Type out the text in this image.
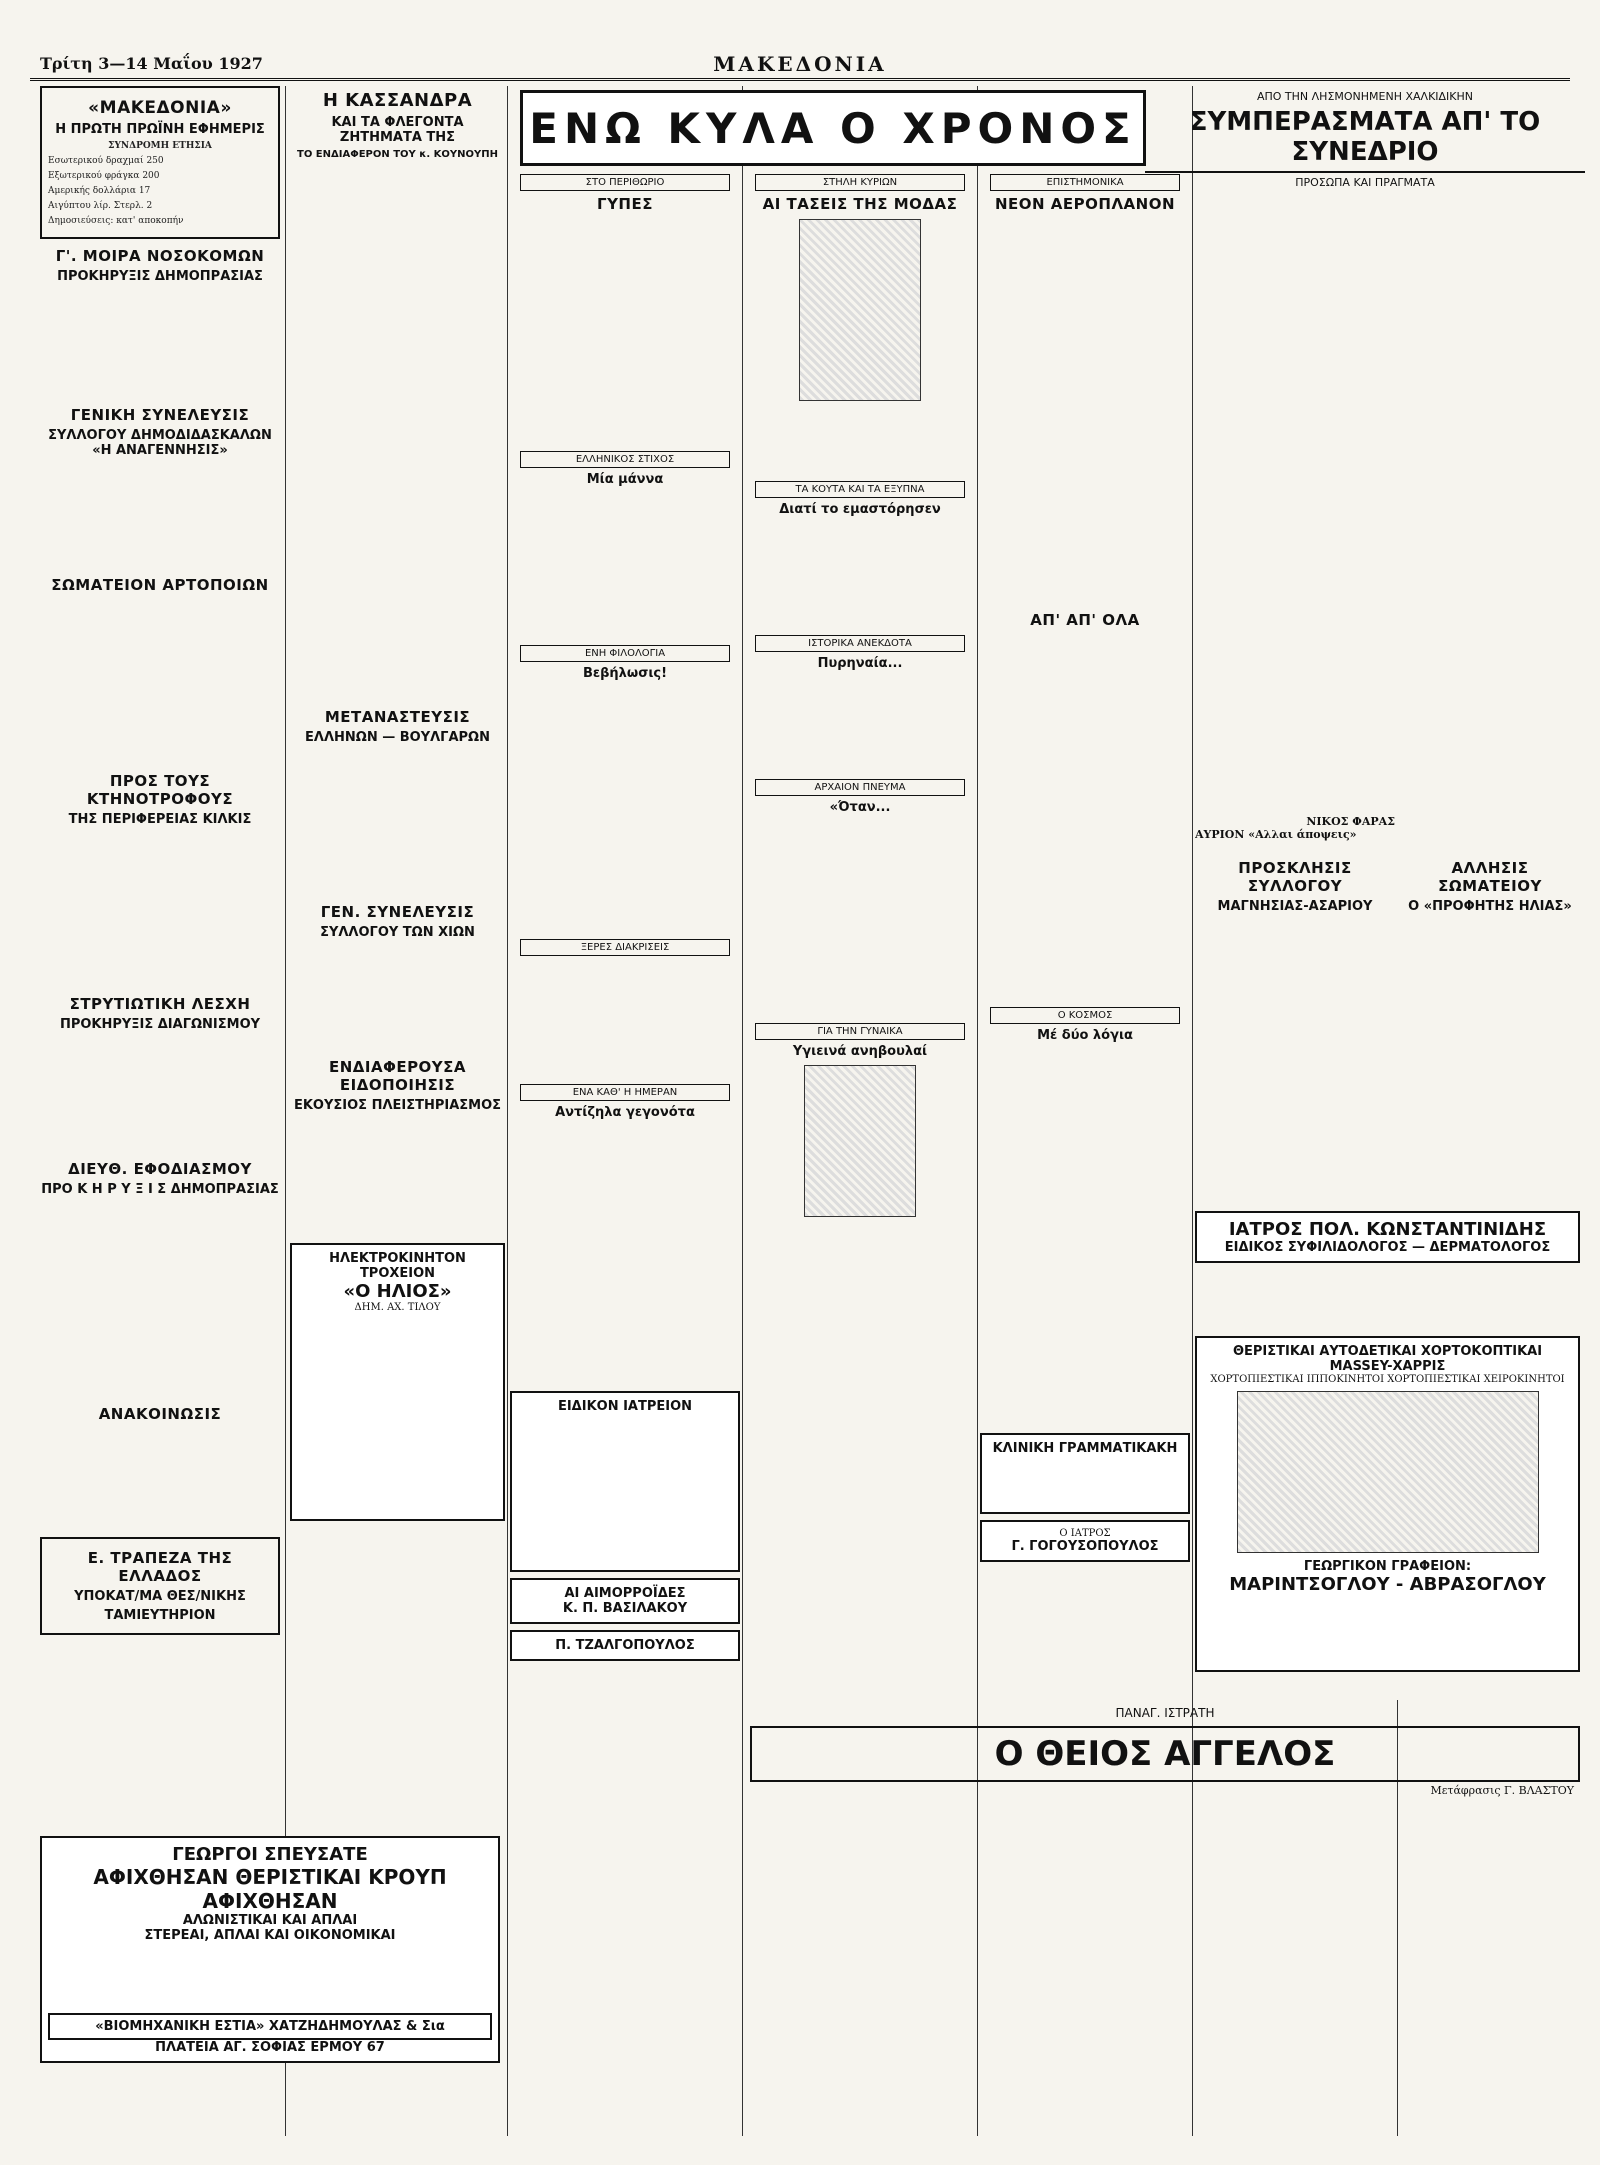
Τρίτη 3—14 Μαΐου 1927	ΜΑΚΕΔΟΝΙΑ
«ΜΑΚΕΔΟΝΙΑ»
Η ΠΡΩΤΗ ΠΡΩΪΝΗ ΕΦΗΜΕΡΙΣ

ΣΥΝΔΡΟΜΗ ΕΤΗΣΙΑ

Εσωτερικού δραχμαί 250

Εξωτερικού φράγκα 200

Αμερικής δολλάρια 17

Αιγύπτου λίρ. Στερλ. 2

Δημοσιεύσεις: κατ' αποκοπήν

Γ'. ΜΟΙΡΑ ΝΟΣΟΚΟΜΩΝ
ΠΡΟΚΗΡΥΞΙΣ ΔΗΜΟΠΡΑΣΙΑΣ
ΓΕΝΙΚΗ ΣΥΝΕΛΕΥΣΙΣ
ΣΥΛΛΟΓΟΥ ΔΗΜΟΔΙΔΑΣΚΑΛΩΝ «Η ΑΝΑΓΕΝΝΗΣΙΣ»
ΣΩΜΑΤΕΙΟΝ ΑΡΤΟΠΟΙΩΝ
ΠΡΟΣ ΤΟΥΣ ΚΤΗΝΟΤΡΟΦΟΥΣ
ΤΗΣ ΠΕΡΙΦΕΡΕΙΑΣ ΚΙΛΚΙΣ
ΣΤΡΥΤΙΩΤΙΚΗ ΛΕΣΧΗ
ΠΡΟΚΗΡΥΞΙΣ ΔΙΑΓΩΝΙΣΜΟΥ
ΔΙΕΥΘ. ΕΦΟΔΙΑΣΜΟΥ
ΠΡΟ Κ Η Ρ Υ Ξ Ι Σ ΔΗΜΟΠΡΑΣΙΑΣ
ΑΝΑΚΟΙΝΩΣΙΣ
Ε. ΤΡΑΠΕΖΑ ΤΗΣ ΕΛΛΑΔΟΣ
ΥΠΟΚΑΤ/ΜΑ ΘΕΣ/ΝΙΚΗΣ
ΤΑΜΙΕΥΤΗΡΙΟΝ
Η ΚΑΣΣΑΝΔΡΑ
ΚΑΙ ΤΑ ΦΛΕΓΟΝΤΑ ΖΗΤΗΜΑΤΑ ΤΗΣ
ΤΟ ΕΝΔΙΑΦΕΡΟΝ ΤΟΥ κ. ΚΟΥΝΟΥΠΗ
ΜΕΤΑΝΑΣΤΕΥΣΙΣ
ΕΛΛΗΝΩΝ — ΒΟΥΛΓΑΡΩΝ
ΓΕΝ. ΣΥΝΕΛΕΥΣΙΣ
ΣΥΛΛΟΓΟΥ ΤΩΝ ΧΙΩΝ
ΕΝΔΙΑΦΕΡΟΥΣΑ ΕΙΔΟΠΟΙΗΣΙΣ
ΕΚΟΥΣΙΟΣ ΠΛΕΙΣΤΗΡΙΑΣΜΟΣ
ΗΛΕΚΤΡΟΚΙΝΗΤΟΝ ΤΡΟΧΕΙΟΝ
«Ο ΗΛΙΟΣ»
ΔΗΜ. ΑΧ. ΤΙΛΟΥ
ΕΝΩ ΚΥΛΑ Ο ΧΡΟΝΟΣ
ΣΤΟ ΠΕΡΙΘΩΡΙΟ
ΓΥΠΕΣ
ΕΛΛΗΝΙΚΟΣ ΣΤΙΧΟΣ
Μία μάννα
ΕΝΗ ΦΙΛΟΛΟΓΙΑ
Βεβήλωσις!
ΞΕΡΕΣ ΔΙΑΚΡΙΣΕΙΣ
ΕΝΑ ΚΑΘ' Η ΗΜΕΡΑΝ
Αντίζηλα γεγονότα
ΕΙΔΙΚΟΝ ΙΑΤΡΕΙΟΝ
ΑΙ ΑΙΜΟΡΡΟΪΔΕΣ
Κ. Π. ΒΑΣΙΛΑΚΟΥ
Π. ΤΖΑΛΓΟΠΟΥΛΟΣ
ΣΤΗΛΗ ΚΥΡΙΩΝ
ΑΙ ΤΑΣΕΙΣ ΤΗΣ ΜΟΔΑΣ
ΤΑ ΚΟΥΤΑ ΚΑΙ ΤΑ ΕΞΥΠΝΑ
Διατί το εμαστόρησεν
ΙΣΤΟΡΙΚΑ ΑΝΕΚΔΟΤΑ
Πυρηναία...
ΑΡΧΑΙΟΝ ΠΝΕΥΜΑ
«Όταν...
ΓΙΑ ΤΗΝ ΓΥΝΑΙΚΑ
Υγιεινά ανηβουλαί
ΕΠΙΣΤΗΜΟΝΙΚΑ
ΝΕΟΝ ΑΕΡΟΠΛΑΝΟΝ
ΑΠ' ΑΠ' ΟΛΑ
Ο ΚΟΣΜΟΣ
Μέ δύο λόγια
ΚΛΙΝΙΚΗ ΓΡΑΜΜΑΤΙΚΑΚΗ
Ο ΙΑΤΡΟΣ
Γ. ΓΟΓΟΥΣΟΠΟΥΛΟΣ
ΑΠΟ ΤΗΝ ΛΗΣΜΟΝΗΜΕΝΗ ΧΑΛΚΙΔΙΚΗΝ
ΣΥΜΠΕΡΑΣΜΑΤΑ ΑΠ' ΤΟ ΣΥΝΕΔΡΙΟ
ΠΡΟΣΩΠΑ ΚΑΙ ΠΡΑΓΜΑΤΑ
ΝΙΚΟΣ ΦΑΡΑΣ
ΑΥΡΙΟΝ «Αλλαι άποψεις»
ΠΡΟΣΚΛΗΣΙΣ ΣΥΛΛΟΓΟΥ
ΜΑΓΝΗΣΙΑΣ-ΑΣΑΡΙΟΥ
ΑΛΛΗΣΙΣ ΣΩΜΑΤΕΙΟΥ
Ο «ΠΡΟΦΗΤΗΣ ΗΛΙΑΣ»
ΙΑΤΡΟΣ ΠΟΛ. ΚΩΝΣΤΑΝΤΙΝΙΔΗΣ
ΕΙΔΙΚΟΣ ΣΥΦΙΛΙΔΟΛΟΓΟΣ — ΔΕΡΜΑΤΟΛΟΓΟΣ
ΘΕΡΙΣΤΙΚΑΙ ΑΥΤΟΔΕΤΙΚΑΙ ΧΟΡΤΟΚΟΠΤΙΚΑΙ
MASSEY-ΧΑΡΡΙΣ
ΧΟΡΤΟΠΙΕΣΤΙΚΑΙ ΙΠΠΟΚΙΝΗΤΟΙ ΧΟΡΤΟΠΙΕΣΤΙΚΑΙ ΧΕΙΡΟΚΙΝΗΤΟΙ
ΓΕΩΡΓΙΚΟΝ ΓΡΑΦΕΙΟΝ:
ΜΑΡΙΝΤΣΟΓΛΟΥ - ΑΒΡΑΣΟΓΛΟΥ
ΠΑΝΑΓ. ΙΣΤΡΑΤΗ
Ο ΘΕΙΟΣ ΑΓΓΕΛΟΣ
Μετάφρασις Γ. ΒΛΑΣΤΟΥ
ΓΕΩΡΓΟΙ ΣΠΕΥΣΑΤΕ
ΑΦΙΧΘΗΣΑΝ ΘΕΡΙΣΤΙΚΑΙ ΚΡΟΥΠ ΑΦΙΧΘΗΣΑΝ
ΑΛΩΝΙΣΤΙΚΑΙ ΚΑΙ ΑΠΛΑΙ
ΣΤΕΡΕΑΙ, ΑΠΛΑΙ ΚΑΙ ΟΙΚΟΝΟΜΙΚΑΙ
«ΒΙΟΜΗΧΑΝΙΚΗ ΕΣΤΙΑ» ΧΑΤΖΗΔΗΜΟΥΛΑΣ & Σια
ΠΛΑΤΕΙΑ ΑΓ. ΣΟΦΙΑΣ ΕΡΜΟΥ 67
